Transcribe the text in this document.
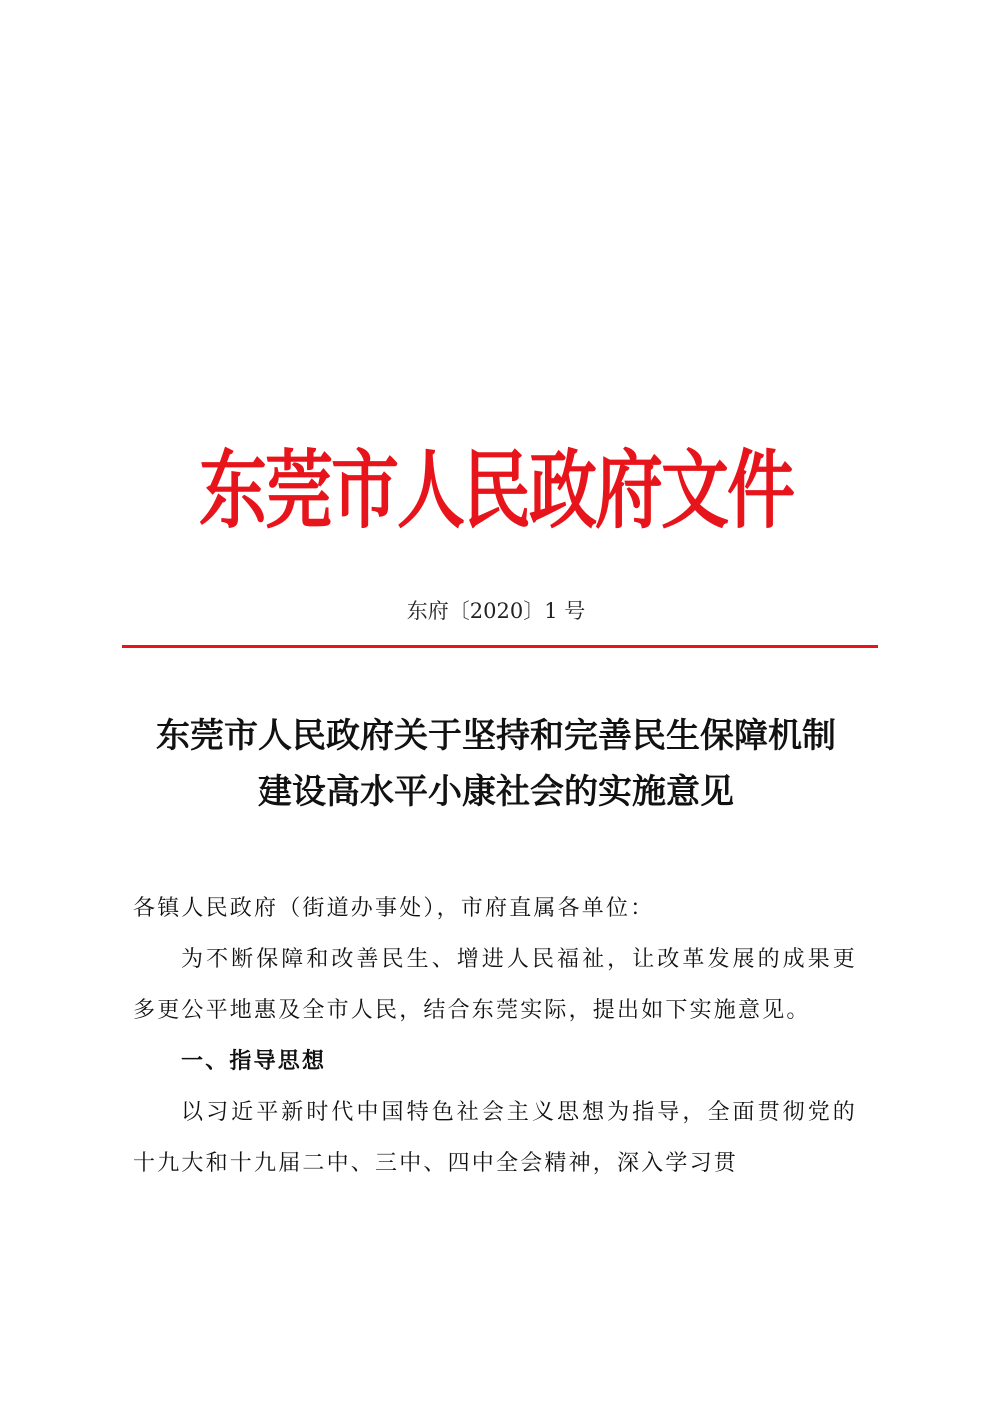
东莞市人民政府文件
东府〔2020〕1 号
东莞市人民政府关于坚持和完善民生保障机制
建设高水平小康社会的实施意见

各镇人民政府（街道办事处），市府直属各单位：

为不断保障和改善民生、增进人民福祉，让改革发展的成果更多更公平地惠及全市人民，结合东莞实际，提出如下实施意见。

一、指导思想

以习近平新时代中国特色社会主义思想为指导，全面贯彻党的十九大和十九届二中、三中、四中全会精神，深入学习贯
